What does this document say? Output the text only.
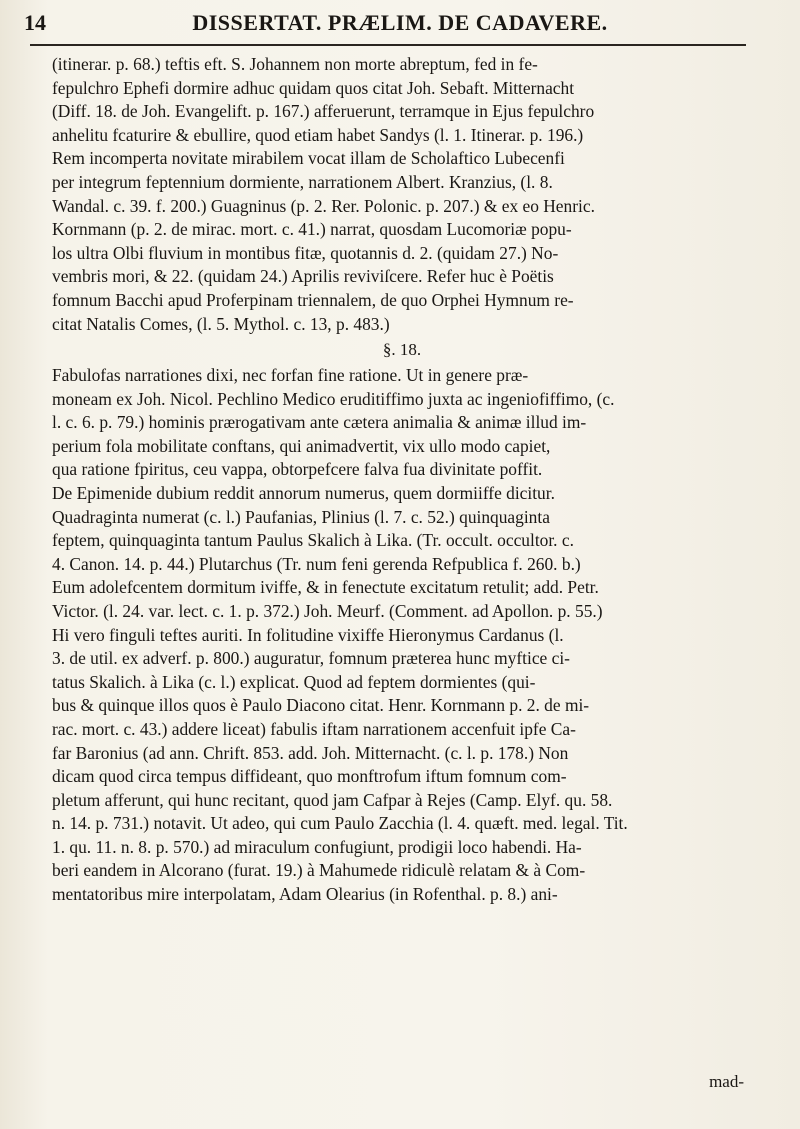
14	DISSERTAT. PRÆLIM. DE CADAVERE.
(itinerar. p. 68.) teftis eft. S. Johannem non morte abreptum, fed in fe-
fepulchro Ephefi dormire adhuc quidam quos citat Joh. Sebaft. Mitternacht
(Diff. 18. de Joh. Evangelift. p. 167.) afferuerunt, terramque in Ejus fepulchro
anhelitu fcaturire & ebullire, quod etiam habet Sandys (l. 1. Itinerar. p. 196.)
Rem incomperta novitate mirabilem vocat illam de Scholaftico Lubecenfi
per integrum feptennium dormiente, narrationem Albert. Kranzius, (l. 8.
Wandal. c. 39. f. 200.) Guagninus (p. 2. Rer. Polonic. p. 207.) & ex eo Henric.
Kornmann (p. 2. de mirac. mort. c. 41.) narrat, quosdam Lucomoriæ popu-
los ultra Olbi fluvium in montibus fitæ, quotannis d. 2. (quidam 27.) No-
vembris mori, & 22. (quidam 24.) Aprilis reviviſcere. Refer huc è Poëtis
fomnum Bacchi apud Proferpinam triennalem, de quo Orphei Hymnum re-
citat Natalis Comes, (l. 5. Mythol. c. 13, p. 483.)
§. 18.
Fabulofas narrationes dixi, nec forfan fine ratione. Ut in genere præ-
moneam ex Joh. Nicol. Pechlino Medico eruditiffimo juxta ac ingeniofiffimo, (c.
l. c. 6. p. 79.) hominis prærogativam ante cætera animalia & animæ illud im-
perium fola mobilitate conftans, qui animadvertit, vix ullo modo capiet,
qua ratione fpiritus, ceu vappa, obtorpefcere falva fua divinitate poffit.
De Epimenide dubium reddit annorum numerus, quem dormiiffe dicitur.
Quadraginta numerat (c. l.) Paufanias, Plinius (l. 7. c. 52.) quinquaginta
feptem, quinquaginta tantum Paulus Skalich à Lika. (Tr. occult. occultor. c.
4. Canon. 14. p. 44.) Plutarchus (Tr. num feni gerenda Refpublica f. 260. b.)
Eum adolefcentem dormitum iviffe, & in fenectute excitatum retulit; add. Petr.
Victor. (l. 24. var. lect. c. 1. p. 372.) Joh. Meurf. (Comment. ad Apollon. p. 55.)
Hi vero finguli teftes auriti. In folitudine vixiffe Hieronymus Cardanus (l.
3. de util. ex adverf. p. 800.) auguratur, fomnum præterea hunc myftice ci-
tatus Skalich. à Lika (c. l.) explicat. Quod ad feptem dormientes (qui-
bus & quinque illos quos è Paulo Diacono citat. Henr. Kornmann p. 2. de mi-
rac. mort. c. 43.) addere liceat) fabulis iftam narrationem accenfuit ipfe Ca-
far Baronius (ad ann. Chrift. 853. add. Joh. Mitternacht. (c. l. p. 178.) Non
dicam quod circa tempus diffideant, quo monftrofum iftum fomnum com-
pletum afferunt, qui hunc recitant, quod jam Cafpar à Rejes (Camp. Elyf. qu. 58.
n. 14. p. 731.) notavit. Ut adeo, qui cum Paulo Zacchia (l. 4. quæft. med. legal. Tit.
1. qu. 11. n. 8. p. 570.) ad miraculum confugiunt, prodigii loco habendi. Ha-
beri eandem in Alcorano (furat. 19.) à Mahumede ridiculè relatam & à Com-
mentatoribus mire interpolatam, Adam Olearius (in Rofenthal. p. 8.) ani-
mad-
